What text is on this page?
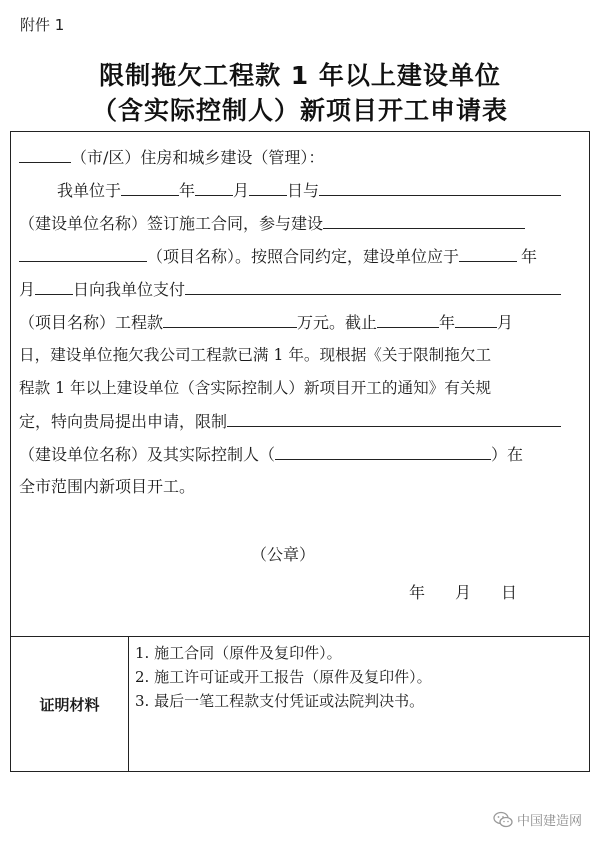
附件 1
限制拖欠工程款 1 年以上建设单位
（含实际控制人）新项目开工申请表
（市/区）住房和城乡建设（管理）：
我单位于	年 月 日与
（建设单位名称）签订施工合同，参与建设
（项目名称）。按照合同约定，建设单位应于	年
月 日向我单位支付
（项目名称）工程款	万元。截止	年	月
日，建设单位拖欠我公司工程款已满 1 年。现根据《关于限制拖欠工
程款 1 年以上建设单位（含实际控制人）新项目开工的通知》有关规
定，特向贵局提出申请，限制
（建设单位名称）及其实际控制人（	）在
全市范围内新项目开工。
（公章）
年 月 日
证明材料
1. 施工合同（原件及复印件）。
2. 施工许可证或开工报告（原件及复印件）。
3. 最后一笔工程款支付凭证或法院判决书。
中国建造网
